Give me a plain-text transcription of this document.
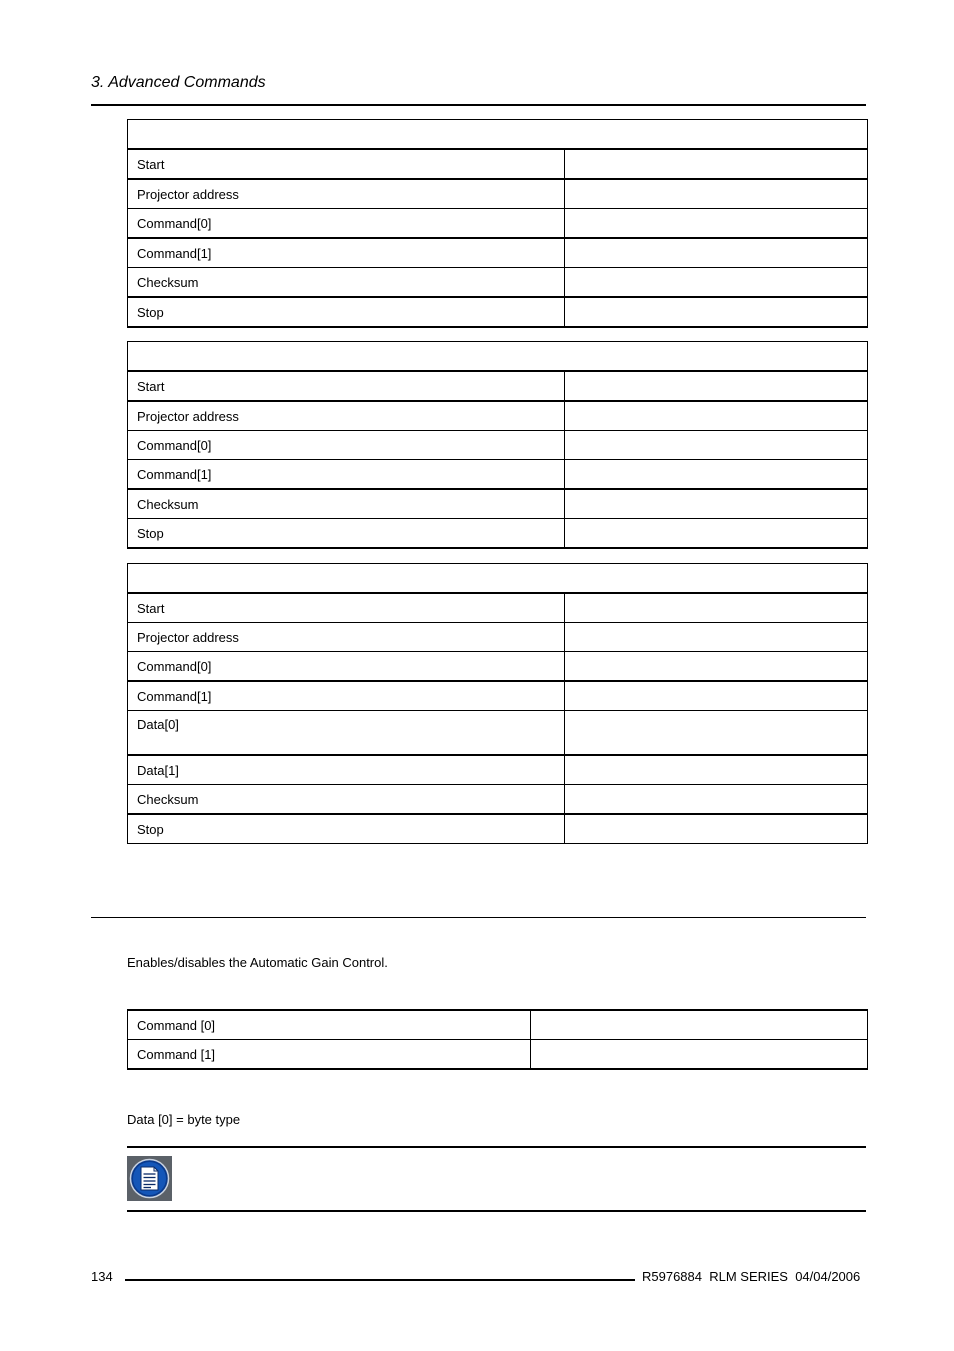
3. Advanced Commands

Start	
Projector address	
Command[0]	
Command[1]	
Checksum	
Stop	

Start	
Projector address	
Command[0]	
Command[1]	
Checksum	
Stop	

Start	
Projector address	
Command[0]	
Command[1]	
Data[0]	
Data[1]	
Checksum	
Stop	
Enables/disables the Automatic Gain Control.
Command [0]	
Command [1]	
Data [0] = byte type
134	R5976884  RLM SERIES  04/04/2006
